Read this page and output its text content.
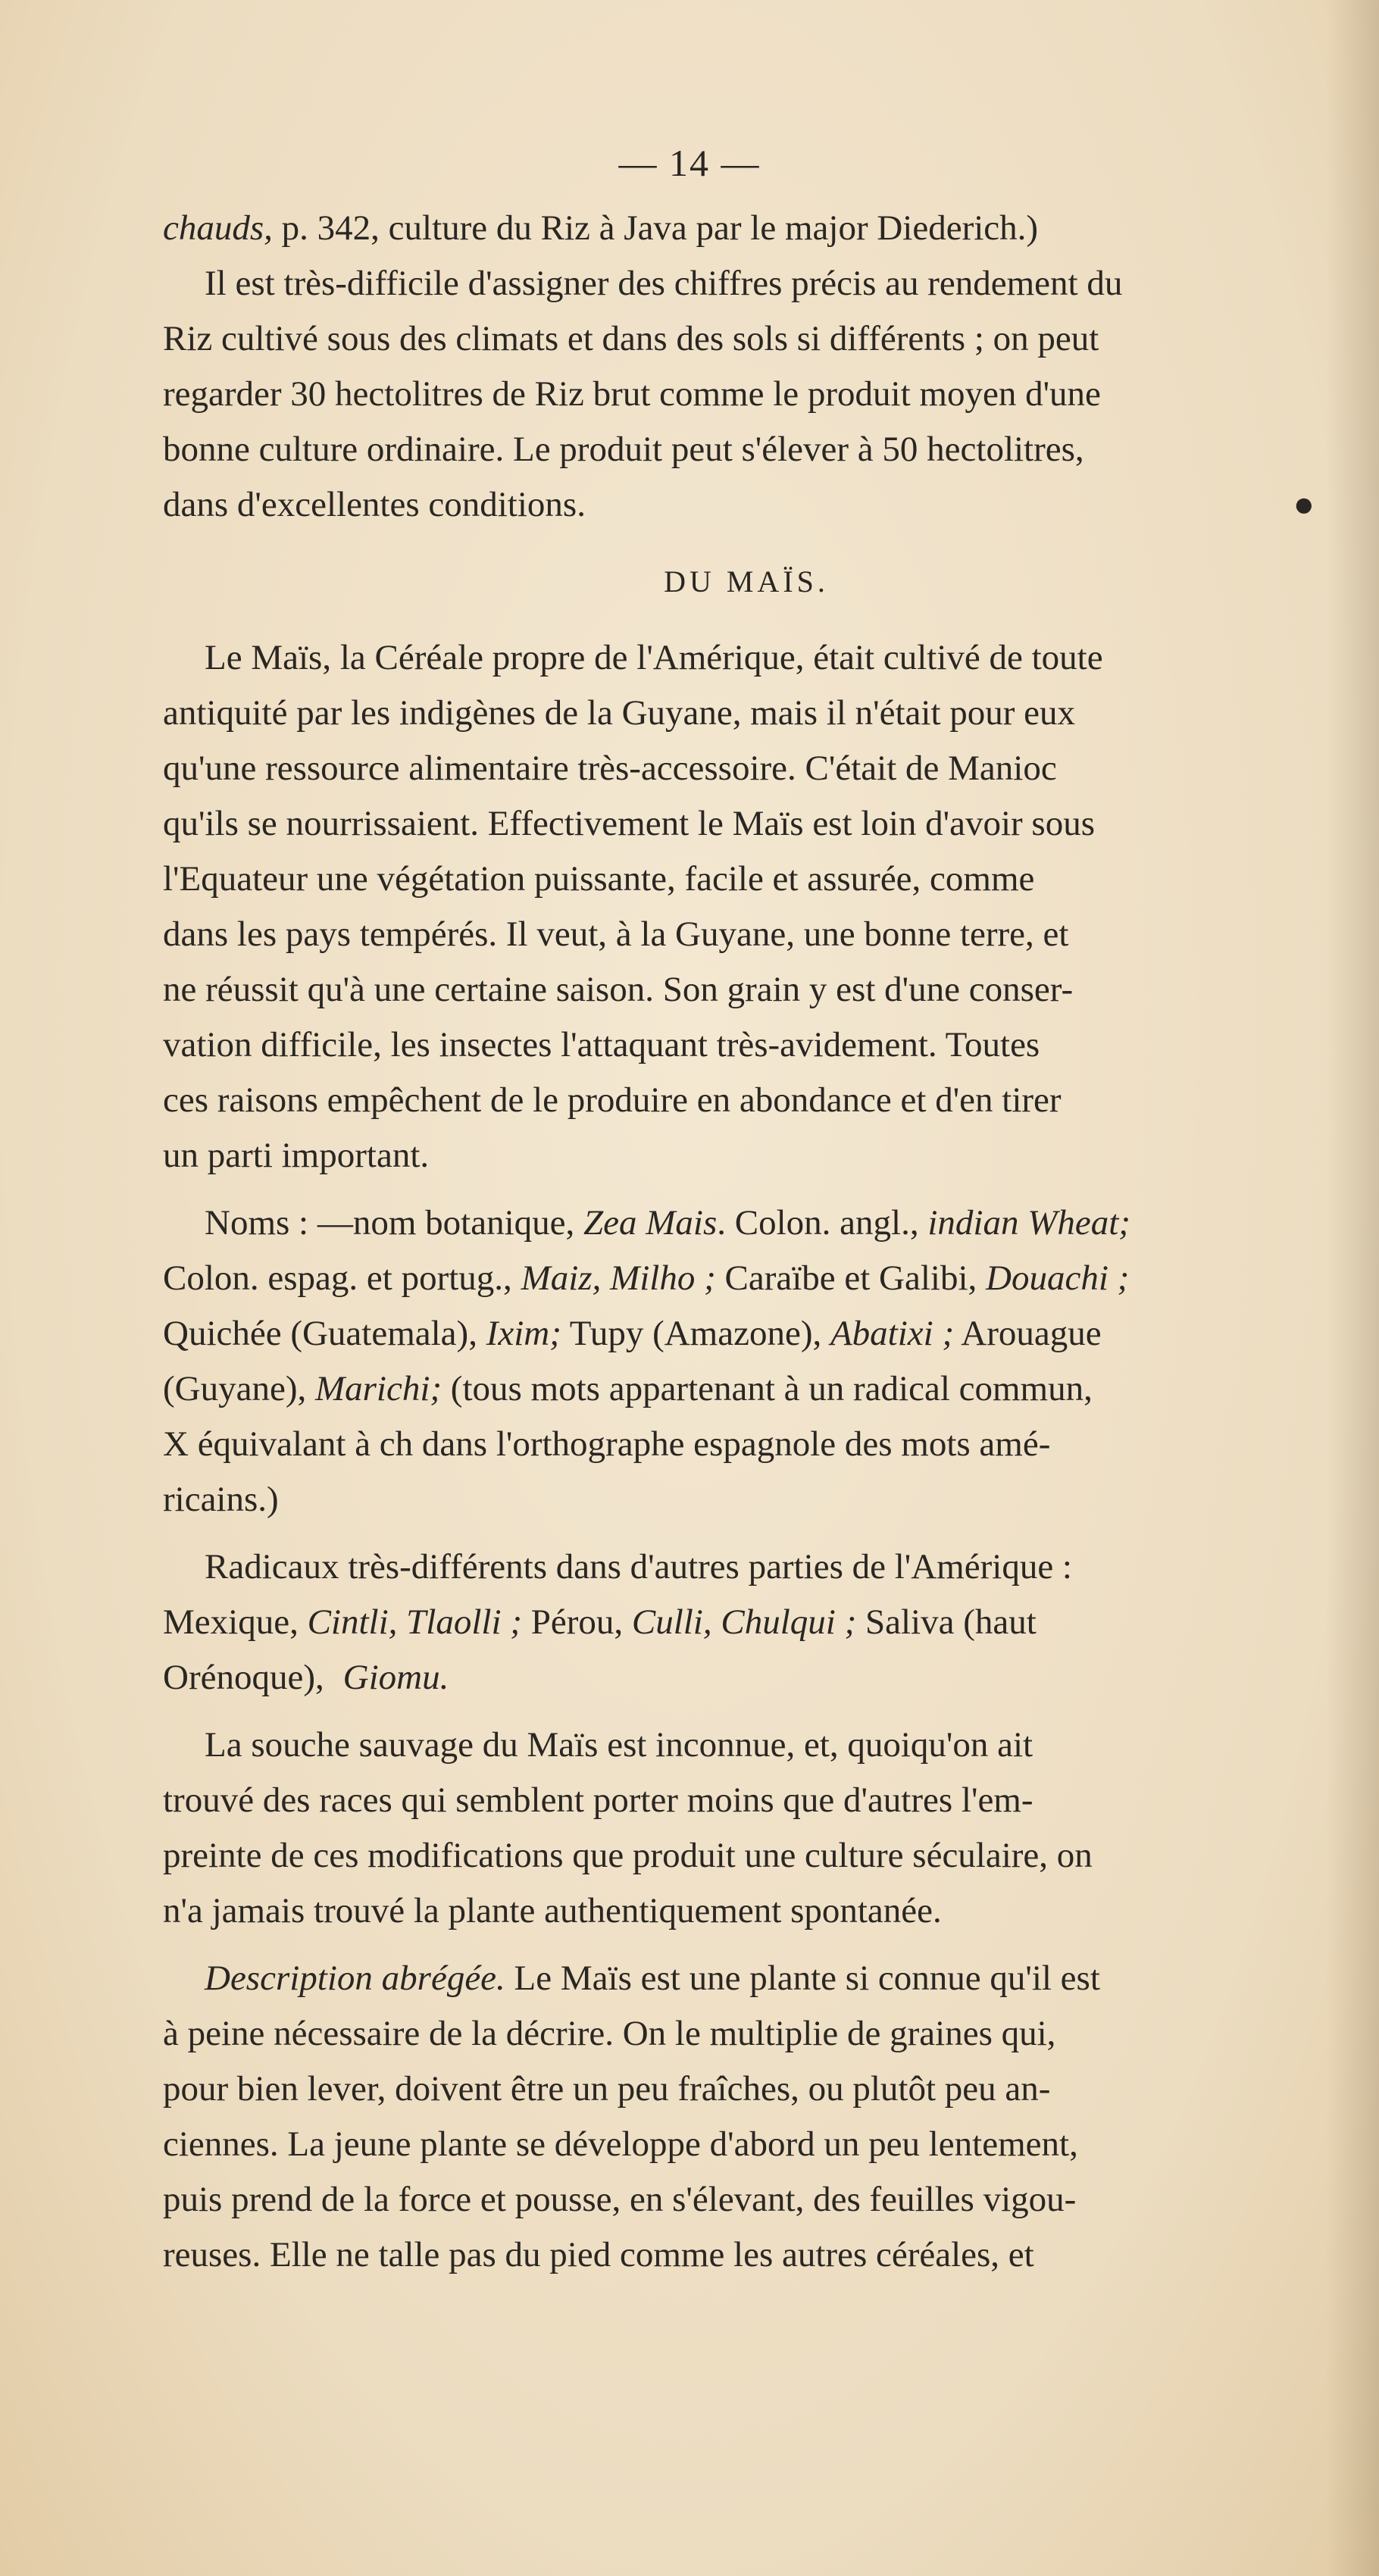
— 14 —
chauds, p. 342, culture du Riz à Java par le major Diederich.)
Il est très-difficile d'assigner des chiffres précis au rendement du
Riz cultivé sous des climats et dans des sols si différents ; on peut
regarder 30 hectolitres de Riz brut comme le produit moyen d'une
bonne culture ordinaire. Le produit peut s'élever à 50 hectolitres,
dans d'excellentes conditions.	●
DU MAÏS.
Le Maïs, la Céréale propre de l'Amérique, était cultivé de toute
antiquité par les indigènes de la Guyane, mais il n'était pour eux
qu'une ressource alimentaire très-accessoire. C'était de Manioc
qu'ils se nourrissaient. Effectivement le Maïs est loin d'avoir sous
l'Equateur une végétation puissante, facile et assurée, comme
dans les pays tempérés. Il veut, à la Guyane, une bonne terre, et
ne réussit qu'à une certaine saison. Son grain y est d'une conser-
vation difficile, les insectes l'attaquant très-avidement. Toutes
ces raisons empêchent de le produire en abondance et d'en tirer
un parti important.
Noms : —nom botanique, Zea Mais. Colon. angl., indian Wheat;
Colon. espag. et portug., Maiz, Milho ; Caraïbe et Galibi, Douachi ;
Quichée (Guatemala), Ixim; Tupy (Amazone), Abatixi ; Arouague
(Guyane), Marichi; (tous mots appartenant à un radical commun,
X équivalant à ch dans l'orthographe espagnole des mots amé-
ricains.)
Radicaux très-différents dans d'autres parties de l'Amérique :
Mexique, Cintli, Tlaolli ; Pérou, Culli, Chulqui ; Saliva (haut
Orénoque), Giomu.
La souche sauvage du Maïs est inconnue, et, quoiqu'on ait
trouvé des races qui semblent porter moins que d'autres l'em-
preinte de ces modifications que produit une culture séculaire, on
n'a jamais trouvé la plante authentiquement spontanée.
Description abrégée. Le Maïs est une plante si connue qu'il est
à peine nécessaire de la décrire. On le multiplie de graines qui,
pour bien lever, doivent être un peu fraîches, ou plutôt peu an-
ciennes. La jeune plante se développe d'abord un peu lentement,
puis prend de la force et pousse, en s'élevant, des feuilles vigou-
reuses. Elle ne talle pas du pied comme les autres céréales, et
